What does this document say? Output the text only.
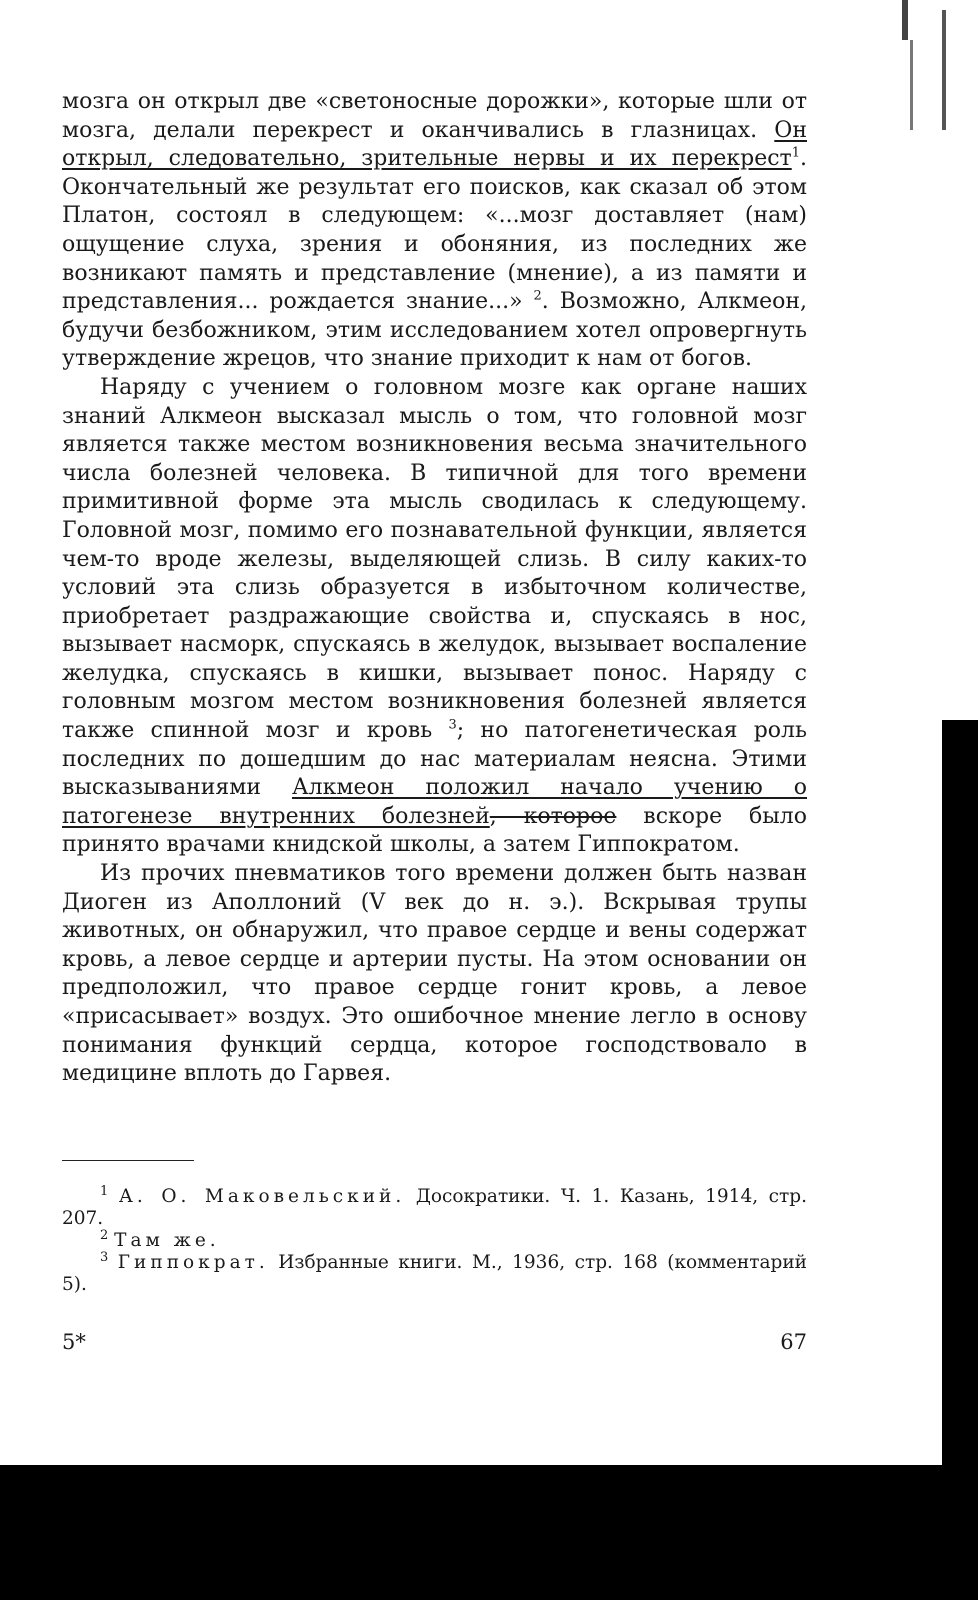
мозга он открыл две «светоносные дорожки», которые шли от мозга, делали перекрест и оканчивались в глазницах. Он открыл, следовательно, зрительные нервы и их перекрест$^1$. Окончательный же результат его поисков, как сказал об этом Платон, состоял в следующем: «...мозг доставляет (нам) ощущение слуха, зрения и обоняния, из последних же возникают память и представление (мнение), а из памяти и представления... рождается знание...» $^2$. Возможно, Алкмеон, будучи безбожником, этим исследованием хотел опровергнуть утверждение жрецов, что знание приходит к нам от богов.

Наряду с учением о головном мозге как органе наших знаний Алкмеон высказал мысль о том, что головной мозг является также местом возникновения весьма значительного числа болезней человека. В типичной для того времени примитивной форме эта мысль сводилась к следующему. Головной мозг, помимо его познавательной функции, является чем-то вроде железы, выделяющей слизь. В силу каких-то условий эта слизь образуется в избыточном количестве, приобретает раздражающие свойства и, спускаясь в нос, вызывает насморк, спускаясь в желудок, вызывает воспаление желудка, спускаясь в кишки, вызывает понос. Наряду с головным мозгом местом возникновения болезней является также спинной мозг и кровь $^3$; но патогенетическая роль последних по дошедшим до нас материалам неясна. Этими высказываниями Алкмеон положил начало учению о патогенезе внутренних болезней, которое вскоре было принято врачами книдской школы, а затем Гиппократом.

Из прочих пневматиков того времени должен быть назван Диоген из Аполлоний (V век до н. э.). Вскрывая трупы животных, он обнаружил, что правое сердце и вены содержат кровь, а левое сердце и артерии пусты. На этом основании он предположил, что правое сердце гонит кровь, а левое «присасывает» воздух. Это ошибочное мнение легло в основу понимания функций сердца, которое господствовало в медицине вплоть до Гарвея.

$^1$ А. О. Маковельский. Досократики. Ч. 1. Казань, 1914, стр. 207.

$^2$ Там же.

$^3$ Гиппократ. Избранные книги. М., 1936, стр. 168 (комментарий 5).

5*	67
